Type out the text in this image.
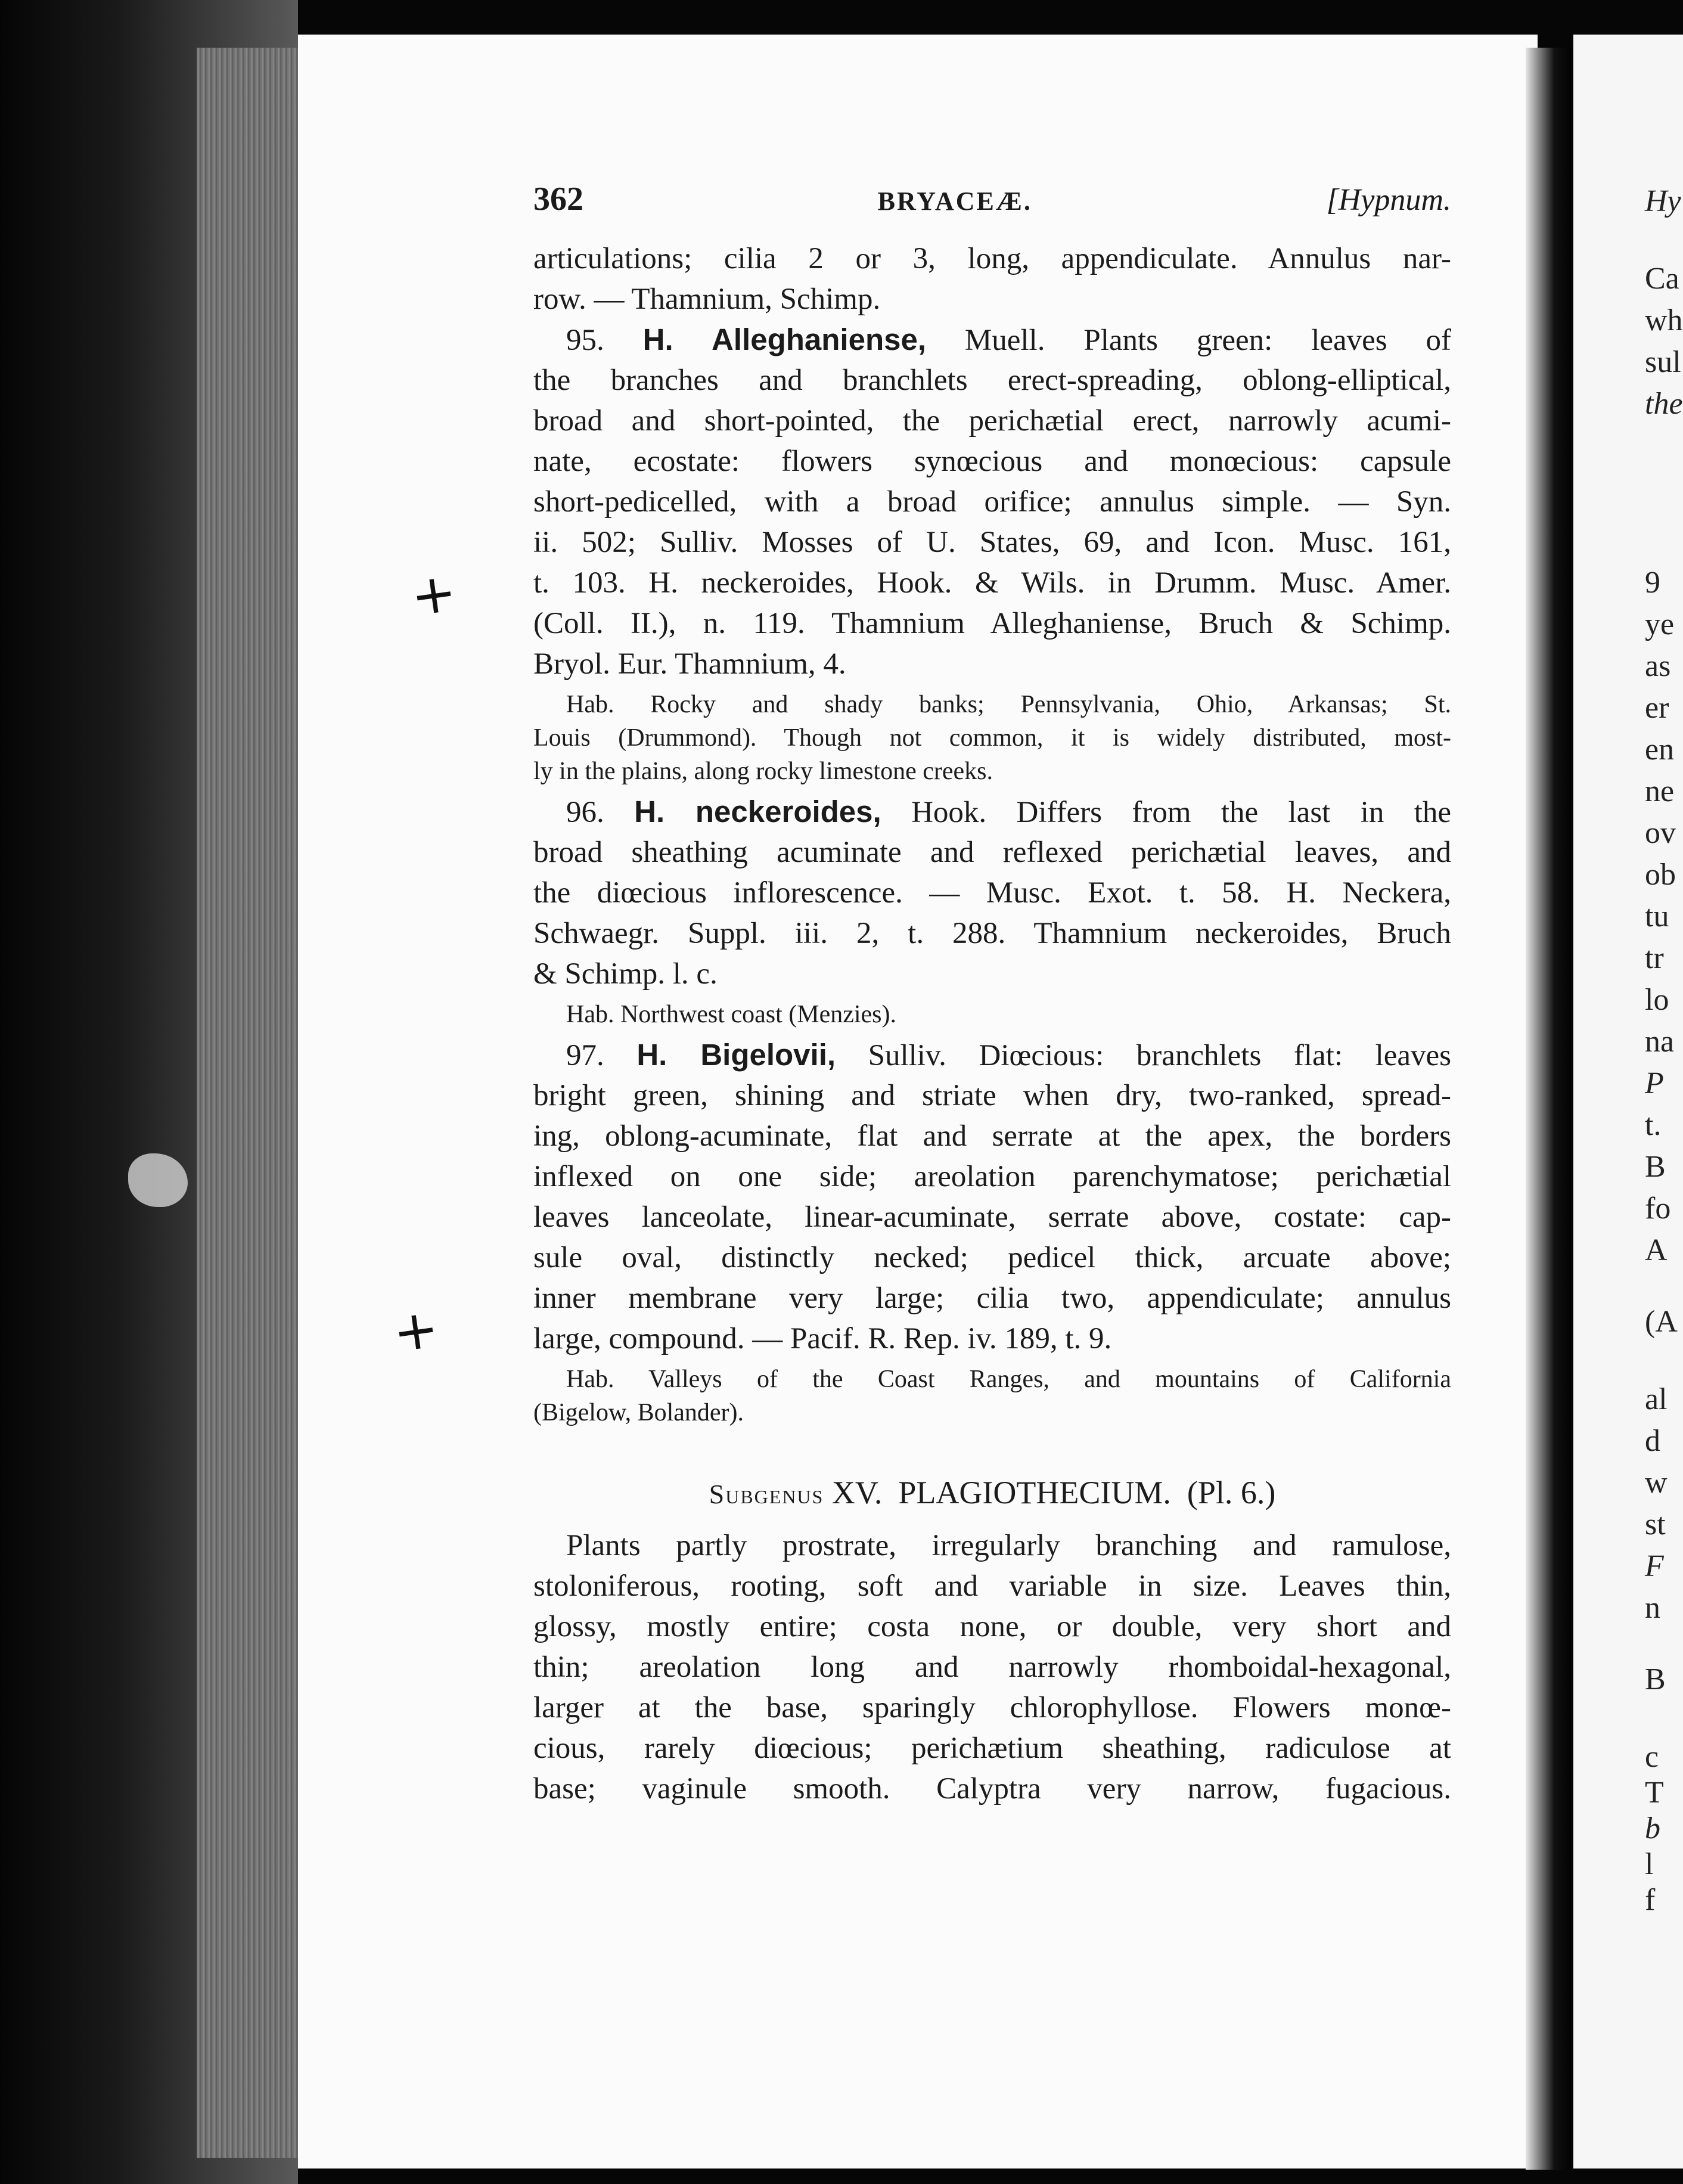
Hy
Ca
wh
sul
the
9
ye
as
er
en
ne
ov
ob
tu
tr
lo
na
P
t.
B
fo
A
(A
al
d
w
st
F
n
B
c
T
b
l
f
+
+
362	BRYACEÆ.	[Hypnum.
articulations; cilia 2 or 3, long, appendiculate. Annulus nar-
row. — Thamnium, Schimp.
95. H. Alleghaniense, Muell. Plants green: leaves of
the branches and branchlets erect-spreading, oblong-elliptical,
broad and short-pointed, the perichætial erect, narrowly acumi-
nate, ecostate: flowers synœcious and monœcious: capsule
short-pedicelled, with a broad orifice; annulus simple. — Syn.
ii. 502; Sulliv. Mosses of U. States, 69, and Icon. Musc. 161,
t. 103. H. neckeroides, Hook. & Wils. in Drumm. Musc. Amer.
(Coll. II.), n. 119. Thamnium Alleghaniense, Bruch & Schimp.
Bryol. Eur. Thamnium, 4.
Hab. Rocky and shady banks; Pennsylvania, Ohio, Arkansas; St.
Louis (Drummond). Though not common, it is widely distributed, most-
ly in the plains, along rocky limestone creeks.
96. H. neckeroides, Hook. Differs from the last in the
broad sheathing acuminate and reflexed perichætial leaves, and
the diœcious inflorescence. — Musc. Exot. t. 58. H. Neckera,
Schwaegr. Suppl. iii. 2, t. 288. Thamnium neckeroides, Bruch
& Schimp. l. c.
Hab. Northwest coast (Menzies).
97. H. Bigelovii, Sulliv. Diœcious: branchlets flat: leaves
bright green, shining and striate when dry, two-ranked, spread-
ing, oblong-acuminate, flat and serrate at the apex, the borders
inflexed on one side; areolation parenchymatose; perichætial
leaves lanceolate, linear-acuminate, serrate above, costate: cap-
sule oval, distinctly necked; pedicel thick, arcuate above;
inner membrane very large; cilia two, appendiculate; annulus
large, compound. — Pacif. R. Rep. iv. 189, t. 9.
Hab. Valleys of the Coast Ranges, and mountains of California
(Bigelow, Bolander).
Subgenus XV. PLAGIOTHECIUM. (Pl. 6.)
Plants partly prostrate, irregularly branching and ramulose,
stoloniferous, rooting, soft and variable in size. Leaves thin,
glossy, mostly entire; costa none, or double, very short and
thin; areolation long and narrowly rhomboidal-hexagonal,
larger at the base, sparingly chlorophyllose. Flowers monœ-
cious, rarely diœcious; perichætium sheathing, radiculose at
base; vaginule smooth. Calyptra very narrow, fugacious.
